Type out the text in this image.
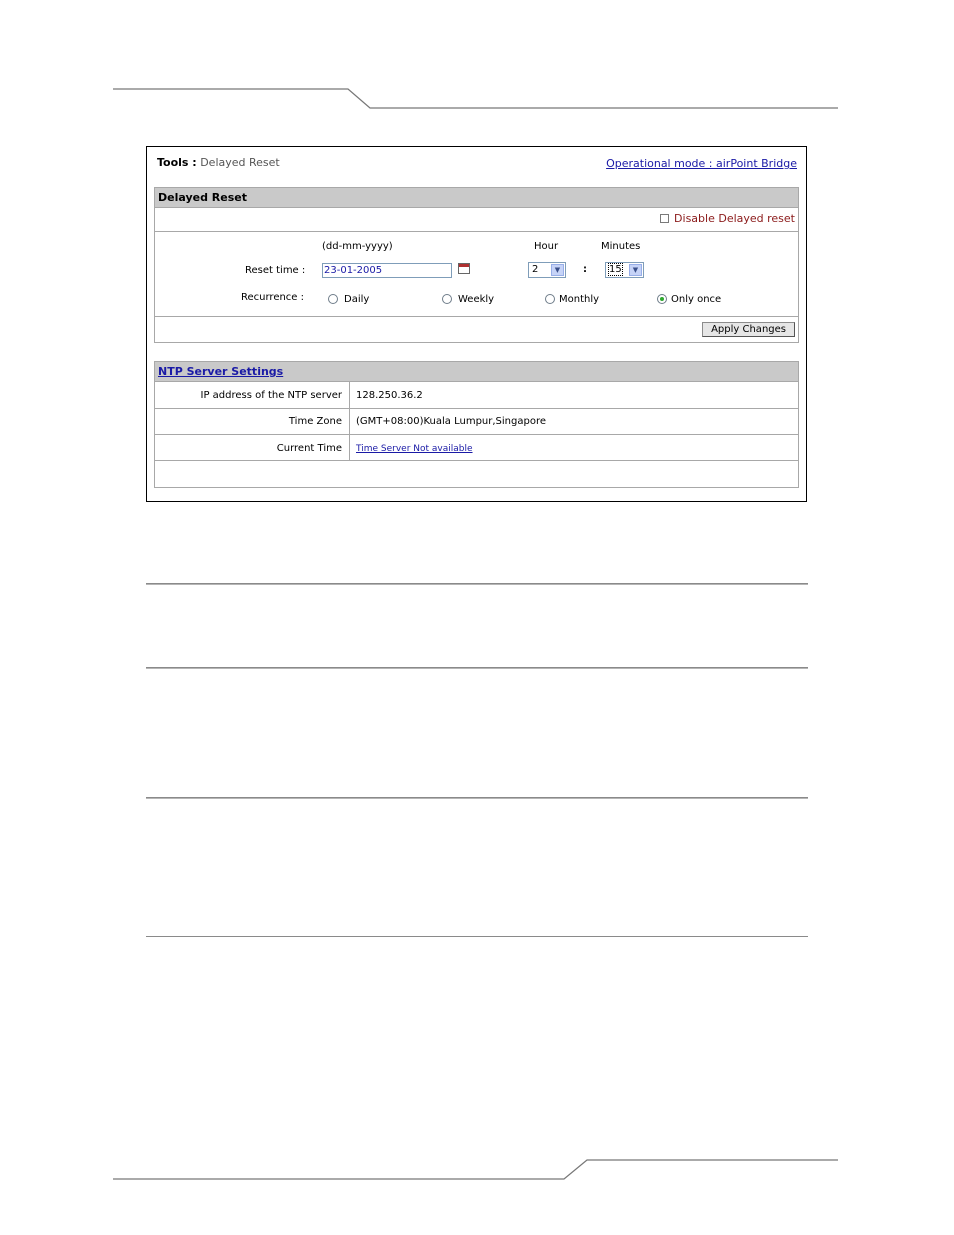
Tools : Delayed Reset	Operational mode : airPoint Bridge
Delayed Reset
Disable Delayed reset
(dd-mm-yyyy)	Hour	Minutes
Reset time : 23-01-2005	2	▼	:	15	▼
Recurrence :	Daily	Weekly	Monthly	Only once
Apply Changes
NTP Server Settings
IP address of the NTP server 128.250.36.2
Time Zone (GMT+08:00)Kuala Lumpur,Singapore
Current Time Time Server Not available
